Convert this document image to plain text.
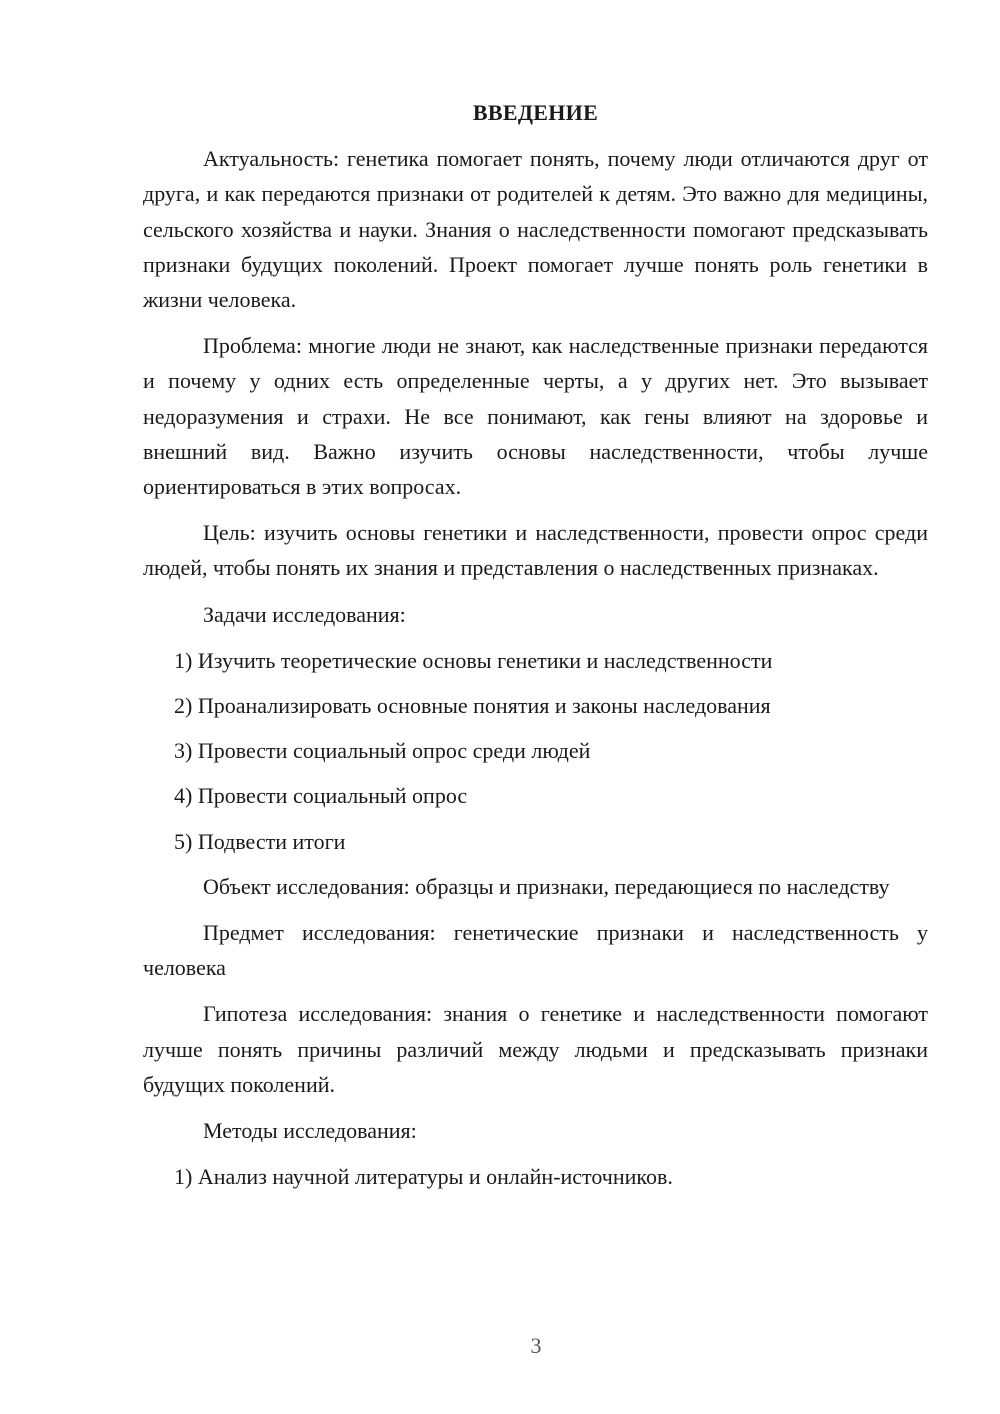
ВВЕДЕНИЕ

Актуальность: генетика помогает понять, почему люди отличаются друг от друга, и как передаются признаки от родителей к детям. Это важно для медицины, сельского хозяйства и науки. Знания о наследственности помогают предсказывать признаки будущих поколений. Проект помогает лучше понять роль генетики в жизни человека.

Проблема: многие люди не знают, как наследственные признаки передаются и почему у одних есть определенные черты, а у других нет. Это вызывает недоразумения и страхи. Не все понимают, как гены влияют на здоровье и внешний вид. Важно изучить основы наследственности, чтобы лучше ориентироваться в этих вопросах.

Цель: изучить основы генетики и наследственности, провести опрос среди людей, чтобы понять их знания и представления о наследственных признаках.

Задачи исследования:

1) Изучить теоретические основы генетики и наследственности
2) Проанализировать основные понятия и законы наследования
3) Провести социальный опрос среди людей
4) Провести социальный опрос
5) Подвести итоги

Объект исследования: образцы и признаки, передающиеся по наследству

Предмет исследования: генетические признаки и наследственность у человека

Гипотеза исследования: знания о генетике и наследственности помогают лучше понять причины различий между людьми и предсказывать признаки будущих поколений.

Методы исследования:

1) Анализ научной литературы и онлайн-источников.
3
